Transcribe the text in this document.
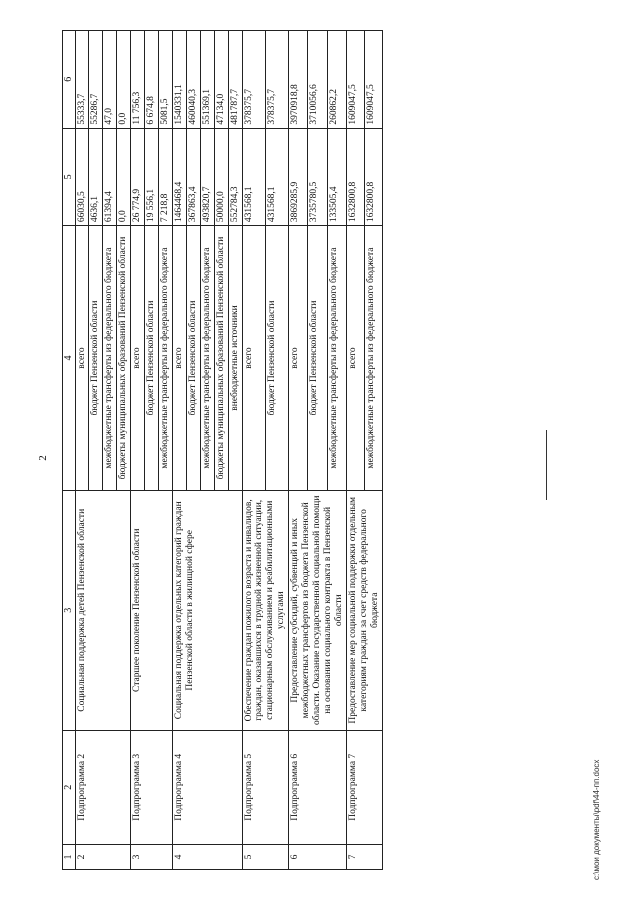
2
1	2	3	4	5	6
2	Подпрограмма 2	Социальная поддержка детей Пензенской области	всего	66030,5	55333,7
			бюджет Пензенской области	4636,1	55286,7
			межбюджетные трансферты из федерального бюджета	61394,4	47,0
			бюджеты муниципальных образований Пензенской области	0,0	0,0
3	Подпрограмма 3	Старшее поколение Пензенской области	всего	26 774,9	11 756,3
			бюджет Пензенской области	19 556,1	6 674,8
			межбюджетные трансферты из федерального бюджета	7 218,8	5081,5
4	Подпрограмма 4	Социальная поддержка отдельных категорий граждан Пензенской области в жилищной сфере	всего	1464468,4	1540331,1
			бюджет Пензенской области	367863,4	460040,3
			межбюджетные трансферты из федерального бюджета	493820,7	551369,1
			бюджеты муниципальных образований Пензенской области	50000,0	47134,0
			внебюджетные источники	552784,3	481787,7
5	Подпрограмма 5	Обеспечение граждан пожилого возраста и инвалидов, граждан, оказавшихся в трудной жизненной ситуации, стационарным обслуживанием и реабилитационными услугами	всего	431568,1	378375,7
			бюджет Пензенской области	431568,1	378375,7
6	Подпрограмма 6	Предоставление субсидий, субвенций и иных межбюджетных трансфертов из бюджета Пензенской области. Оказание государственной социальной помощи на основании социального контракта в Пензенской области	всего	3869285,9	3970918,8
			бюджет Пензенской области	3735780,5	3710056,6
			межбюджетные трансферты из федерального бюджета	133505,4	260862,2
7	Подпрограмма 7	Предоставление мер социальной поддержки отдельным категориям граждан за счет средств федерального бюджета	всего	1632800,8	1609047,5
			межбюджетные трансферты из федерального бюджета	1632800,8	1609047,5
c:\мои документы\pdf\44-пп.docx
